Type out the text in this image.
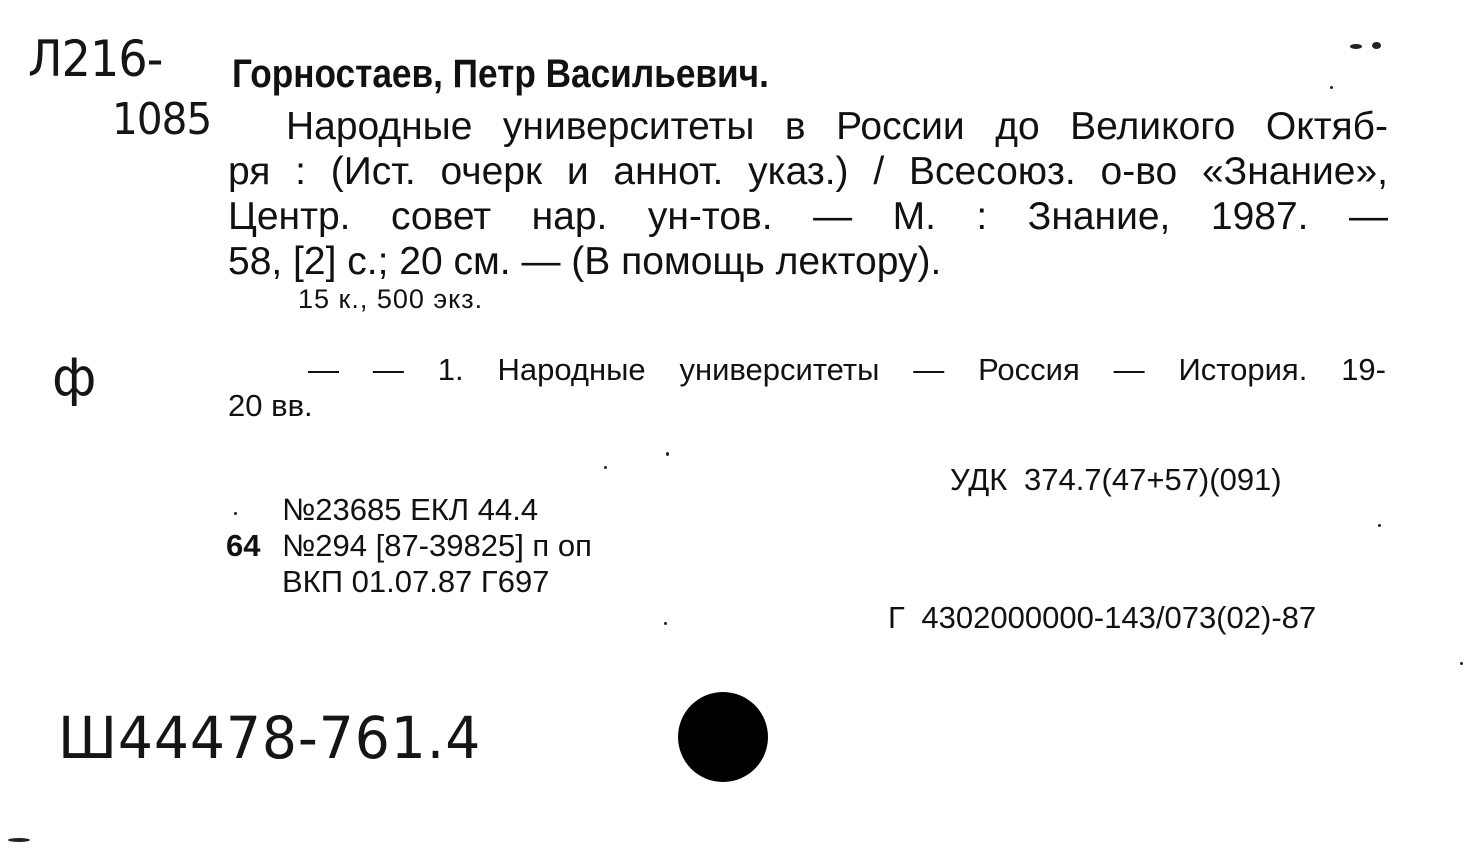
Л216-
1085
Горностаев, Петр Васильевич.
Народные университеты в России до Великого Октяб-
ря : (Ист. очерк и аннот. указ.) / Всесоюз. о-во «Знание»,
Центр. совет нар. ун-тов. — М. : Знание, 1987. —
58, [2] с.; 20 см. — (В помощь лектору).
15 к., 500 экз.
ф	— — 1. Народные университеты — Россия — История. 19-
20 вв.
УДК 374.7(47+57)(091)
№23685 ЕКЛ 44.4
64 №294 [87-39825] п оп
ВКП 01.07.87 Г697
Г 4302000000-143/073(02)-87
Ш44478-761.4
